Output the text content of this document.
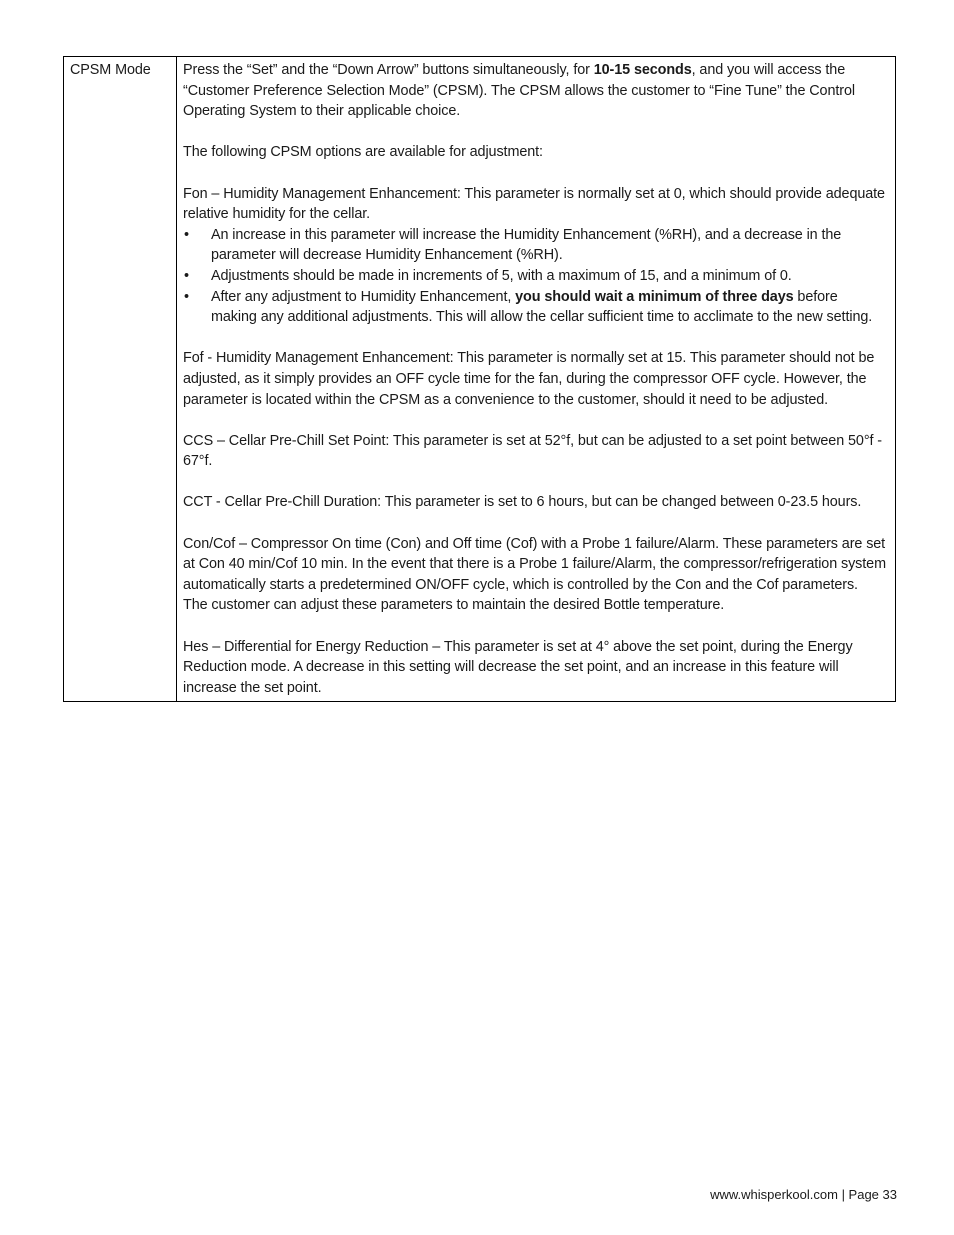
CPSM Mode	Press the “Set” and the “Down Arrow” buttons simultaneously, for 10-15 seconds, and you will access the “Customer Preference Selection Mode” (CPSM). The CPSM allows the customer to “Fine Tune” the Control Operating System to their applicable choice.

The following CPSM options are available for adjustment:

Fon – Humidity Management Enhancement: This parameter is normally set at 0, which should provide adequate relative humidity for the cellar.

• An increase in this parameter will increase the Humidity Enhancement (%RH), and a decrease in the parameter will decrease Humidity Enhancement (%RH).
• Adjustments should be made in increments of 5, with a maximum of 15, and a minimum of 0.
• After any adjustment to Humidity Enhancement, you should wait a minimum of three days before making any additional adjustments. This will allow the cellar sufficient time to acclimate to the new setting.

Fof - Humidity Management Enhancement: This parameter is normally set at 15. This parameter should not be adjusted, as it simply provides an OFF cycle time for the fan, during the compressor OFF cycle. However, the parameter is located within the CPSM as a convenience to the customer, should it need to be adjusted.

CCS – Cellar Pre-Chill Set Point: This parameter is set at 52°f, but can be adjusted to a set point between 50°f - 67°f.

CCT - Cellar Pre-Chill Duration: This parameter is set to 6 hours, but can be changed between 0-23.5 hours.

Con/Cof – Compressor On time (Con) and Off time (Cof) with a Probe 1 failure/Alarm. These parameters are set at Con 40 min/Cof 10 min. In the event that there is a Probe 1 failure/Alarm, the compressor/refrigeration system automatically starts a predetermined ON/OFF cycle, which is controlled by the Con and the Cof parameters. The customer can adjust these parameters to maintain the desired Bottle temperature.

Hes – Differential for Energy Reduction – This parameter is set at 4° above the set point, during the Energy Reduction mode. A decrease in this setting will decrease the set point, and an increase in this feature will increase the set point.

www.whisperkool.com | Page 33
